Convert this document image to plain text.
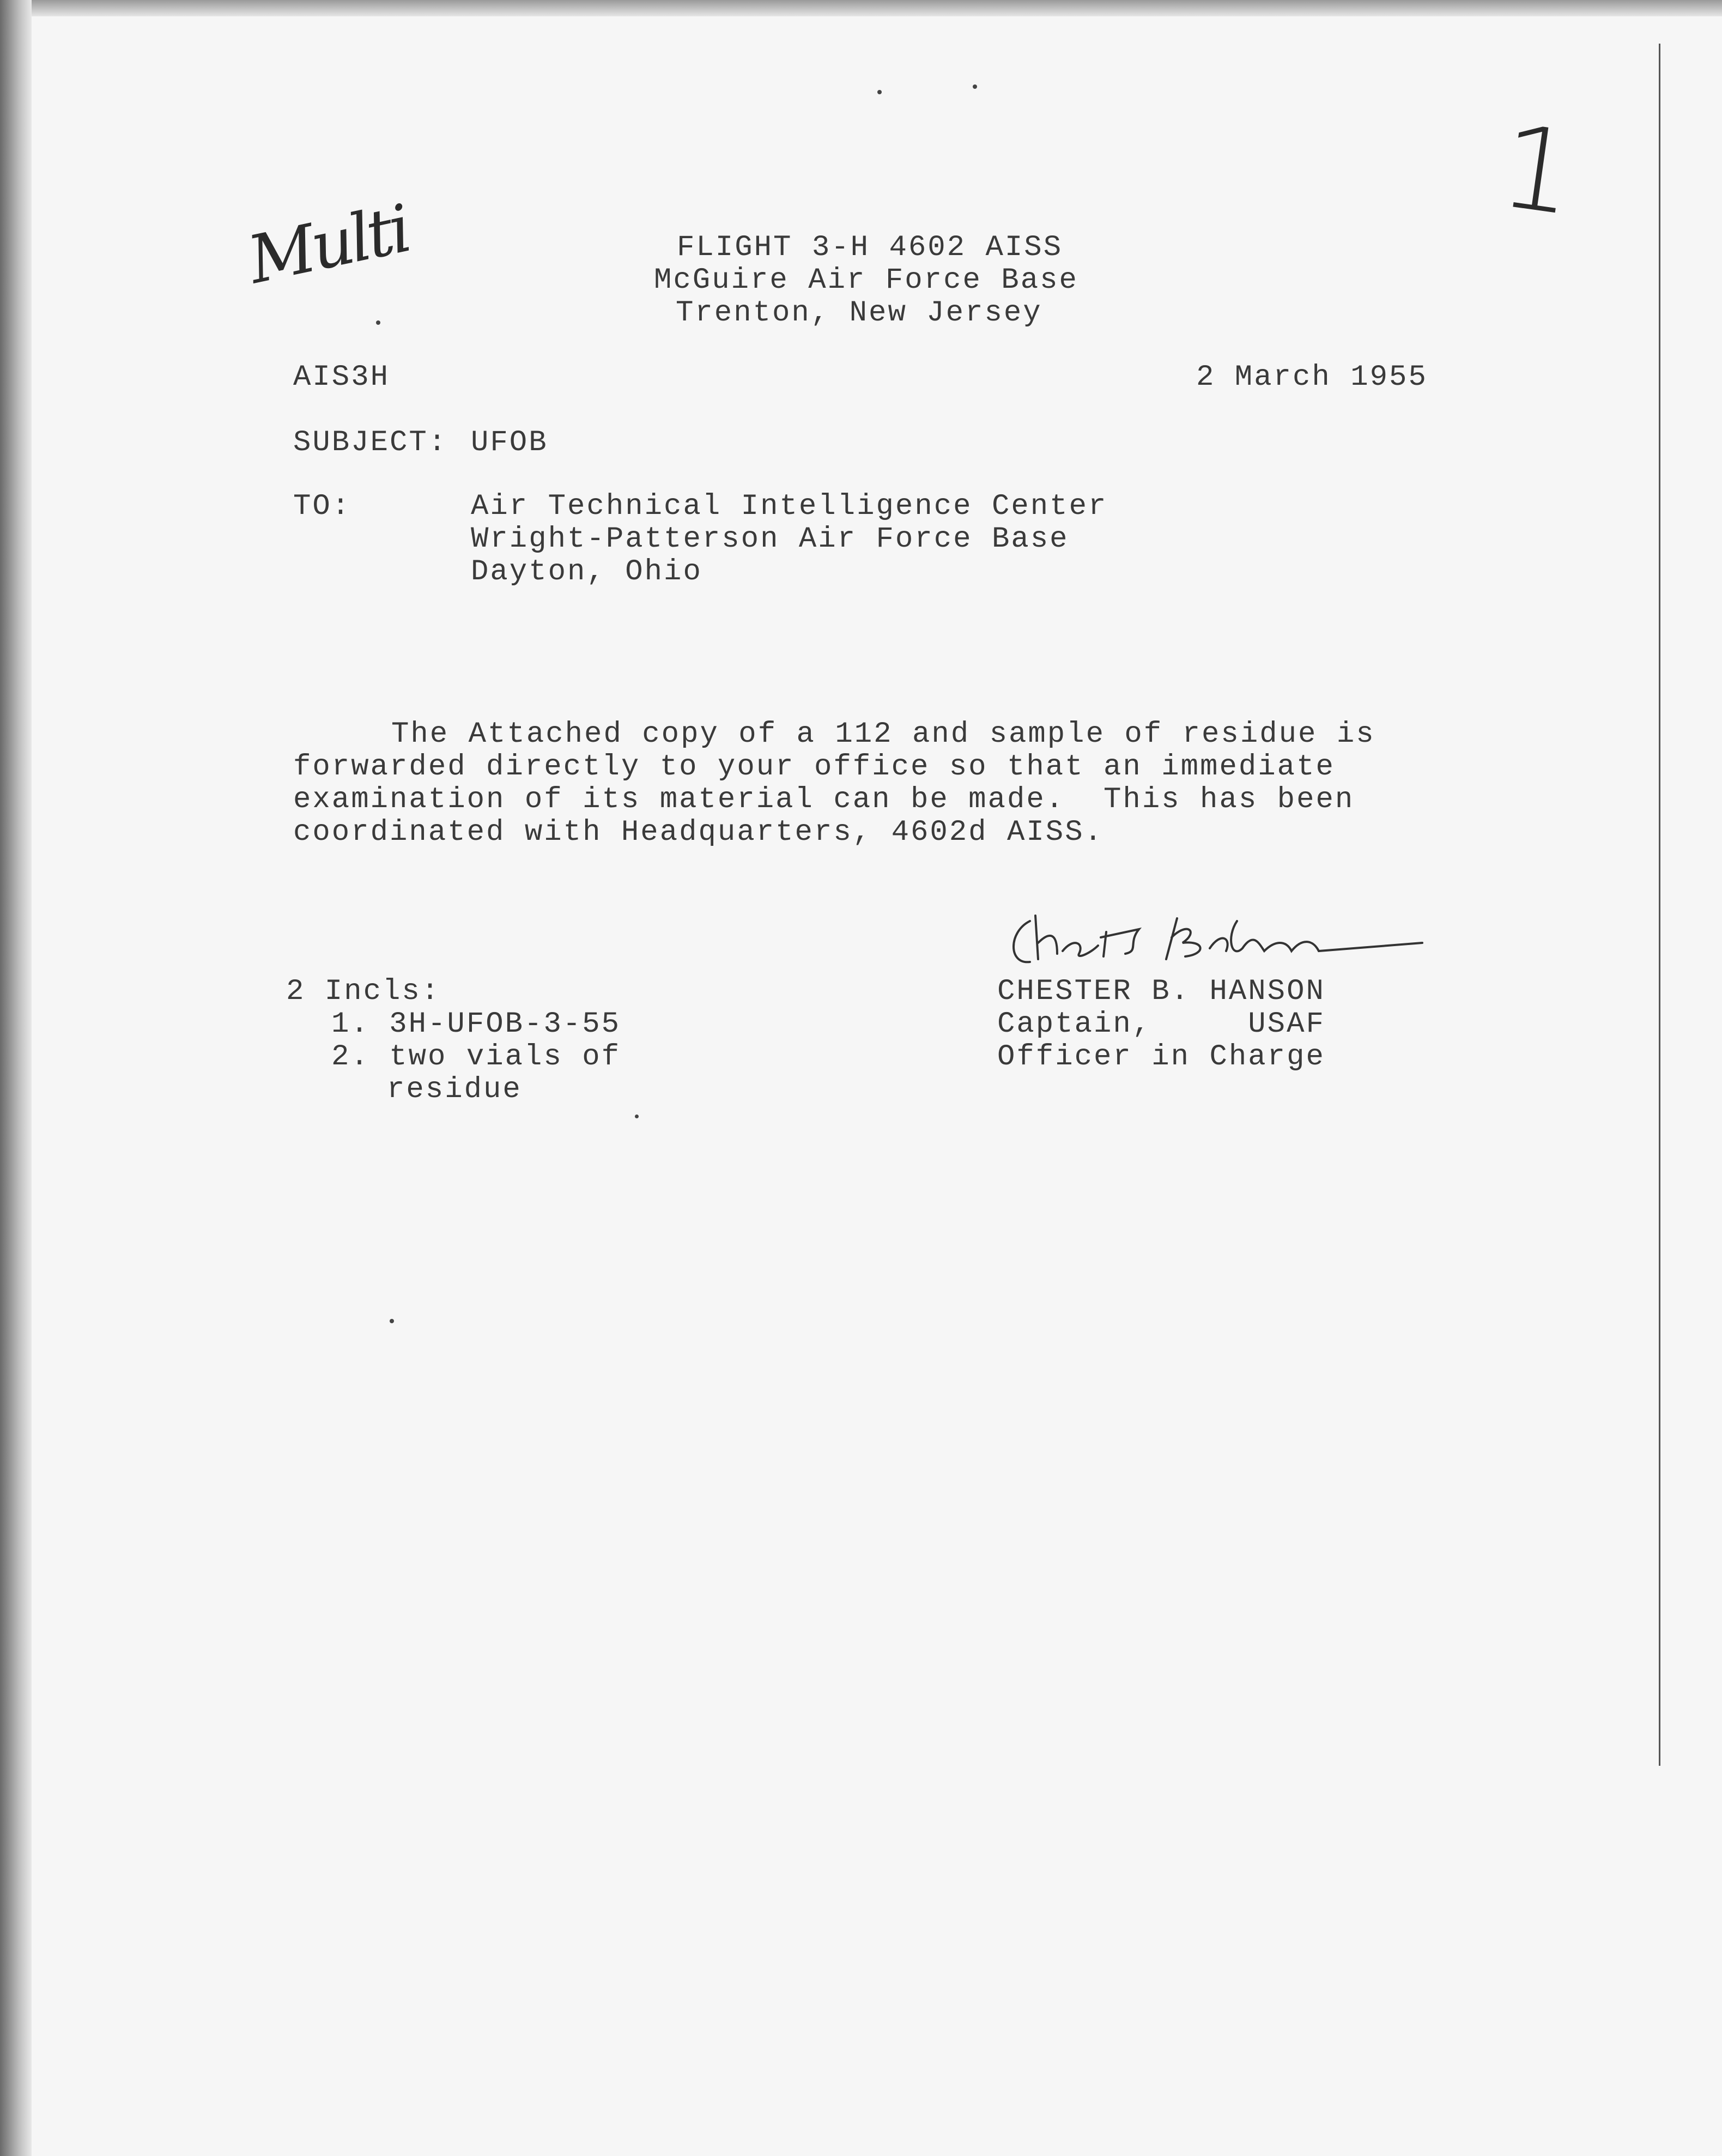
Multi
1
FLIGHT 3-H 4602 AISS
McGuire Air Force Base
Trenton, New Jersey
AIS3H	2 March 1955
SUBJECT: UFOB
TO:	Air Technical Intelligence Center
Wright-Patterson Air Force Base
Dayton, Ohio
The Attached copy of a 112 and sample of residue is
forwarded directly to your office so that an immediate
examination of its material can be made.  This has been
coordinated with Headquarters, 4602d AISS.
2 Incls:
1. 3H-UFOB-3-55
2. two vials of
residue
CHESTER B. HANSON
Captain,     USAF
Officer in Charge
